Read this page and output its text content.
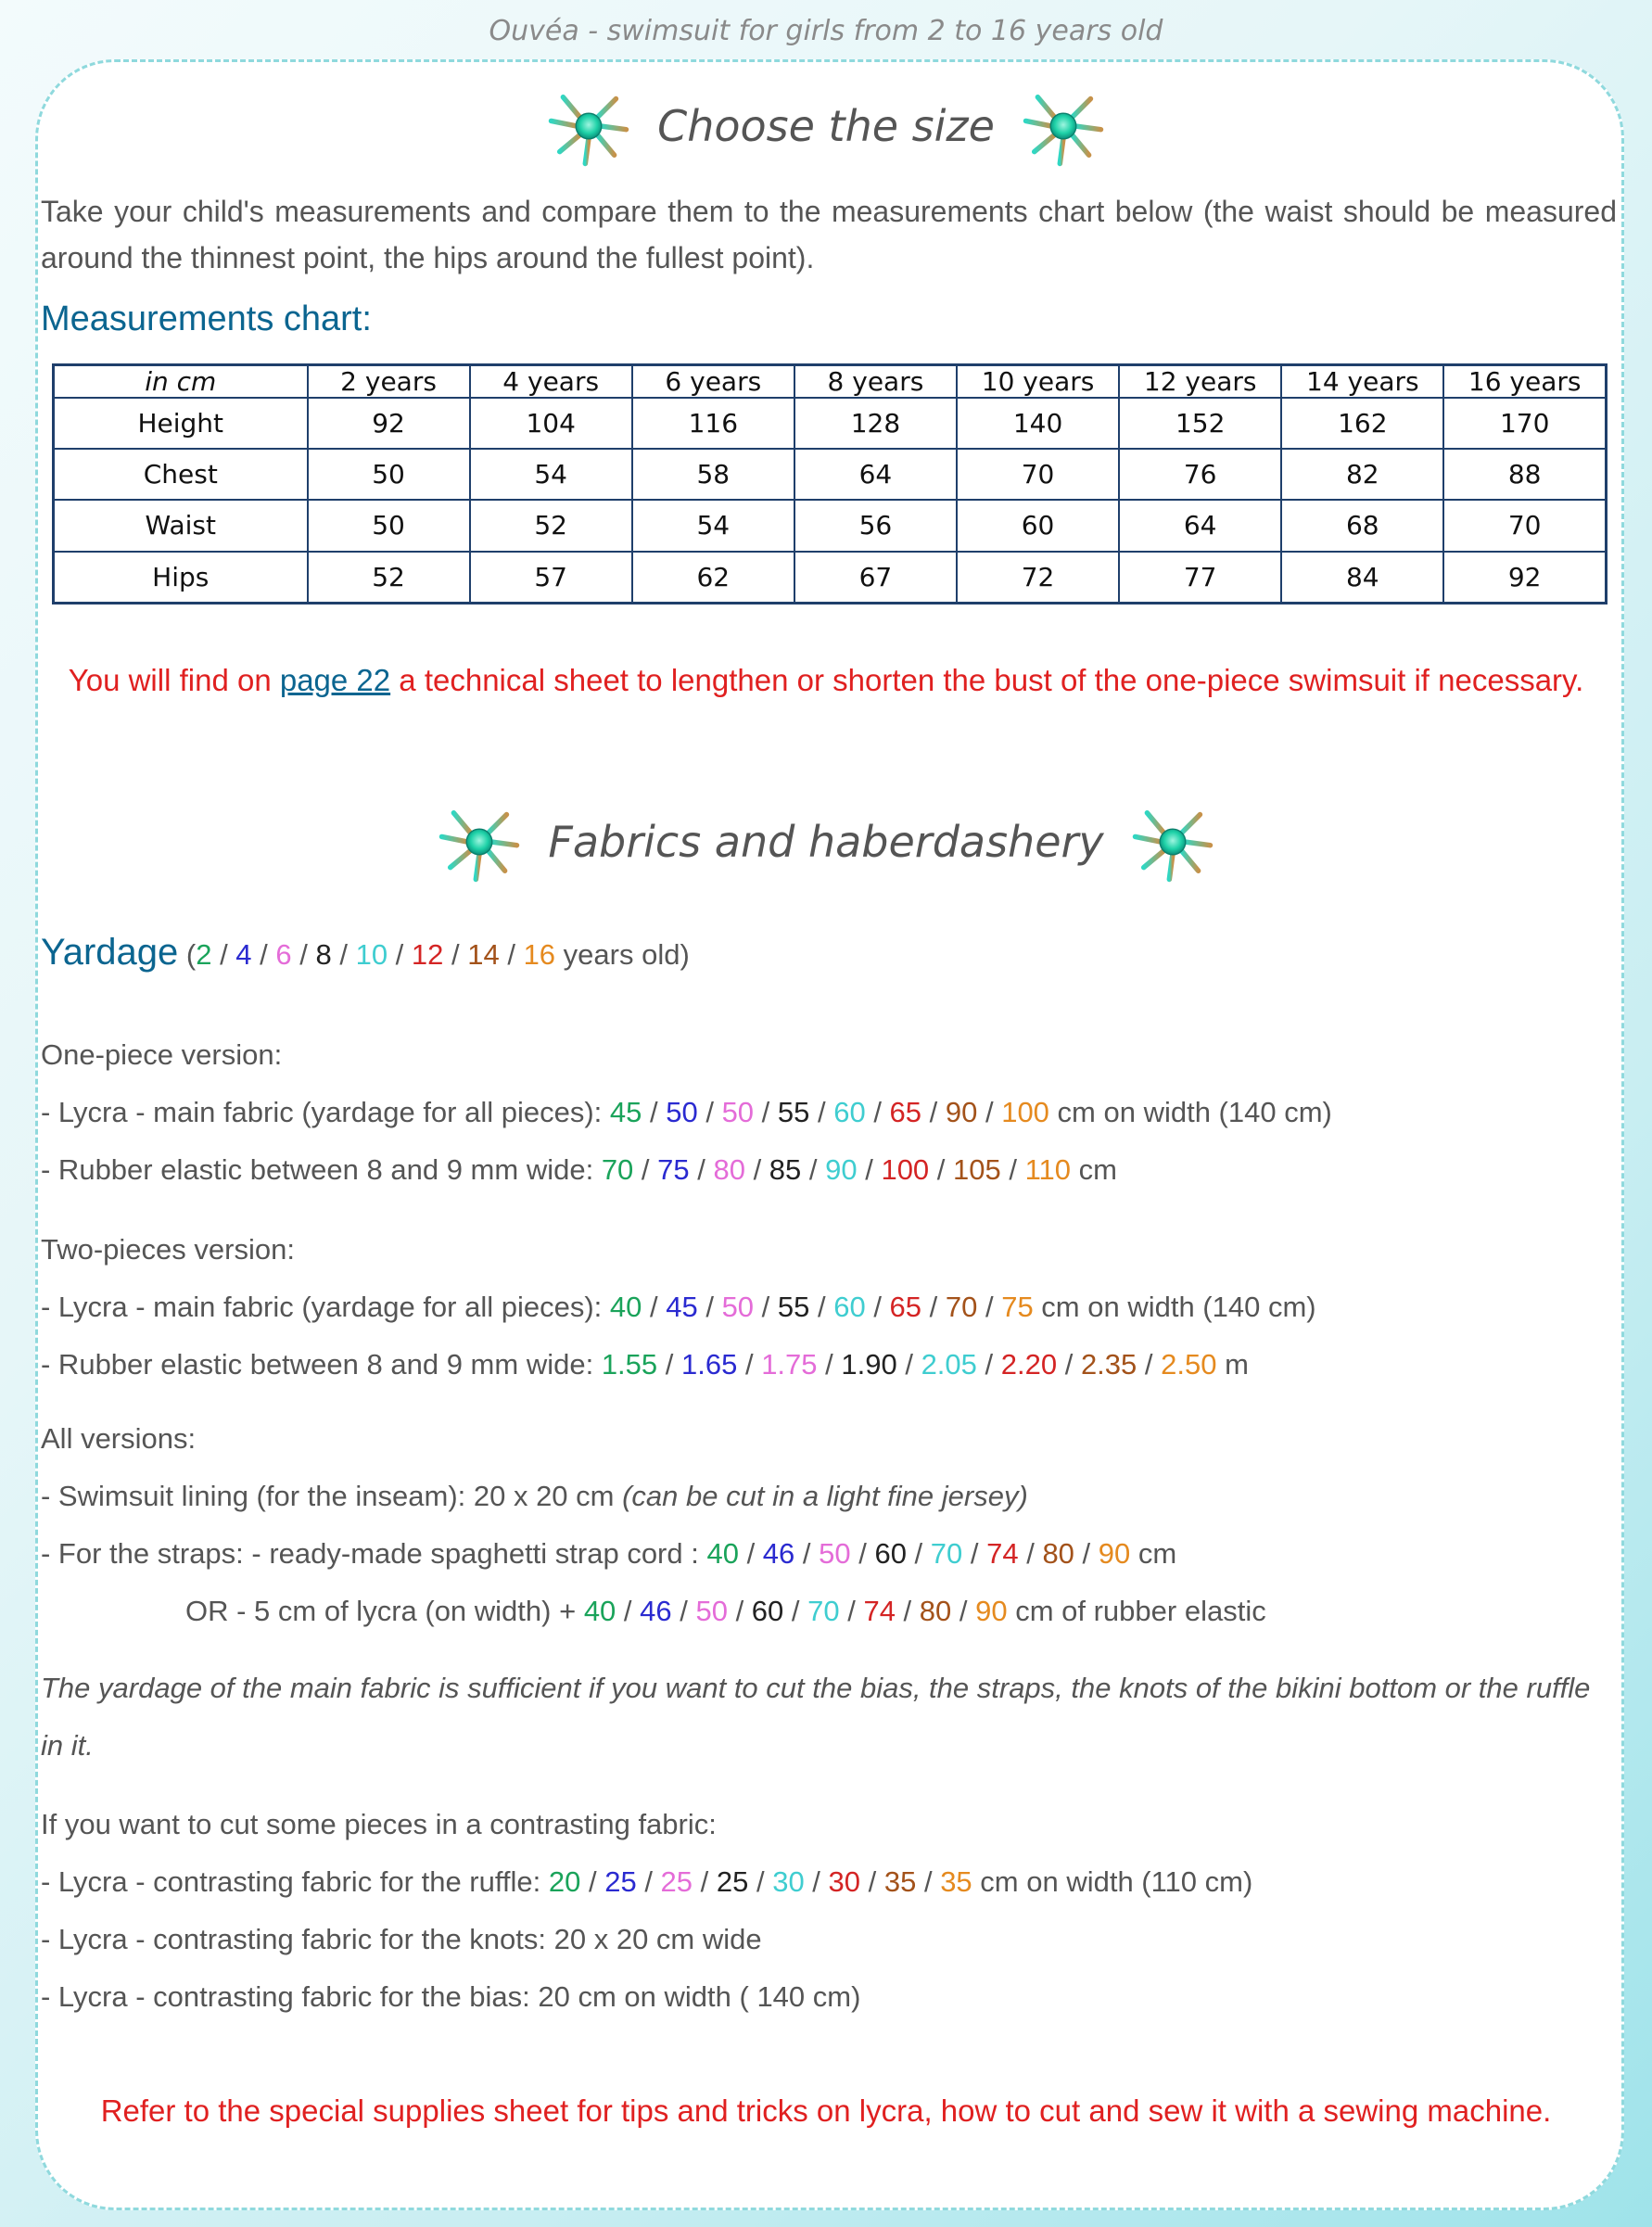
Ouvéa - swimsuit for girls from 2 to 16 years old
Choose the size
Take your child's measurements and compare them to the measurements chart below (the waist should be measured around the thinnest point, the hips around the fullest point).
Measurements chart:
in cm	2 years	4 years	6 years	8 years	10 years	12 years	14 years	16 years
Height	92	104	116	128	140	152	162	170
Chest	50	54	58	64	70	76	82	88
Waist	50	52	54	56	60	64	68	70
Hips	52	57	62	67	72	77	84	92
You will find on page 22 a technical sheet to lengthen or shorten the bust of the one-piece swimsuit if necessary.
Fabrics and haberdashery
Yardage (2 / 4 / 6 / 8 / 10 / 12 / 14 / 16 years old)
One-piece version:
- Lycra - main fabric (yardage for all pieces): 45 / 50 / 50 / 55 / 60 / 65 / 90 / 100 cm on width (140 cm)
- Rubber elastic between 8 and 9 mm wide: 70 / 75 / 80 / 85 / 90 / 100 / 105 / 110 cm
Two-pieces version:
- Lycra - main fabric (yardage for all pieces): 40 / 45 / 50 / 55 / 60 / 65 / 70 / 75 cm on width (140 cm)
- Rubber elastic between 8 and 9 mm wide: 1.55 / 1.65 / 1.75 / 1.90 / 2.05 / 2.20 / 2.35 / 2.50 m
All versions:
- Swimsuit lining (for the inseam): 20 x 20 cm (can be cut in a light fine jersey)
- For the straps: - ready-made spaghetti strap cord : 40 / 46 / 50 / 60 / 70 / 74 / 80 / 90 cm
OR - 5 cm of lycra (on width) + 40 / 46 / 50 / 60 / 70 / 74 / 80 / 90 cm of rubber elastic
The yardage of the main fabric is sufficient if you want to cut the bias, the straps, the knots of the bikini bottom or the ruffle in it.
If you want to cut some pieces in a contrasting fabric:
- Lycra - contrasting fabric for the ruffle: 20 / 25 / 25 / 25 / 30 / 30 / 35 / 35 cm on width (110 cm)
- Lycra - contrasting fabric for the knots: 20 x 20 cm wide
- Lycra - contrasting fabric for the bias: 20 cm on width ( 140 cm)
Refer to the special supplies sheet for tips and tricks on lycra, how to cut and sew it with a sewing machine.
